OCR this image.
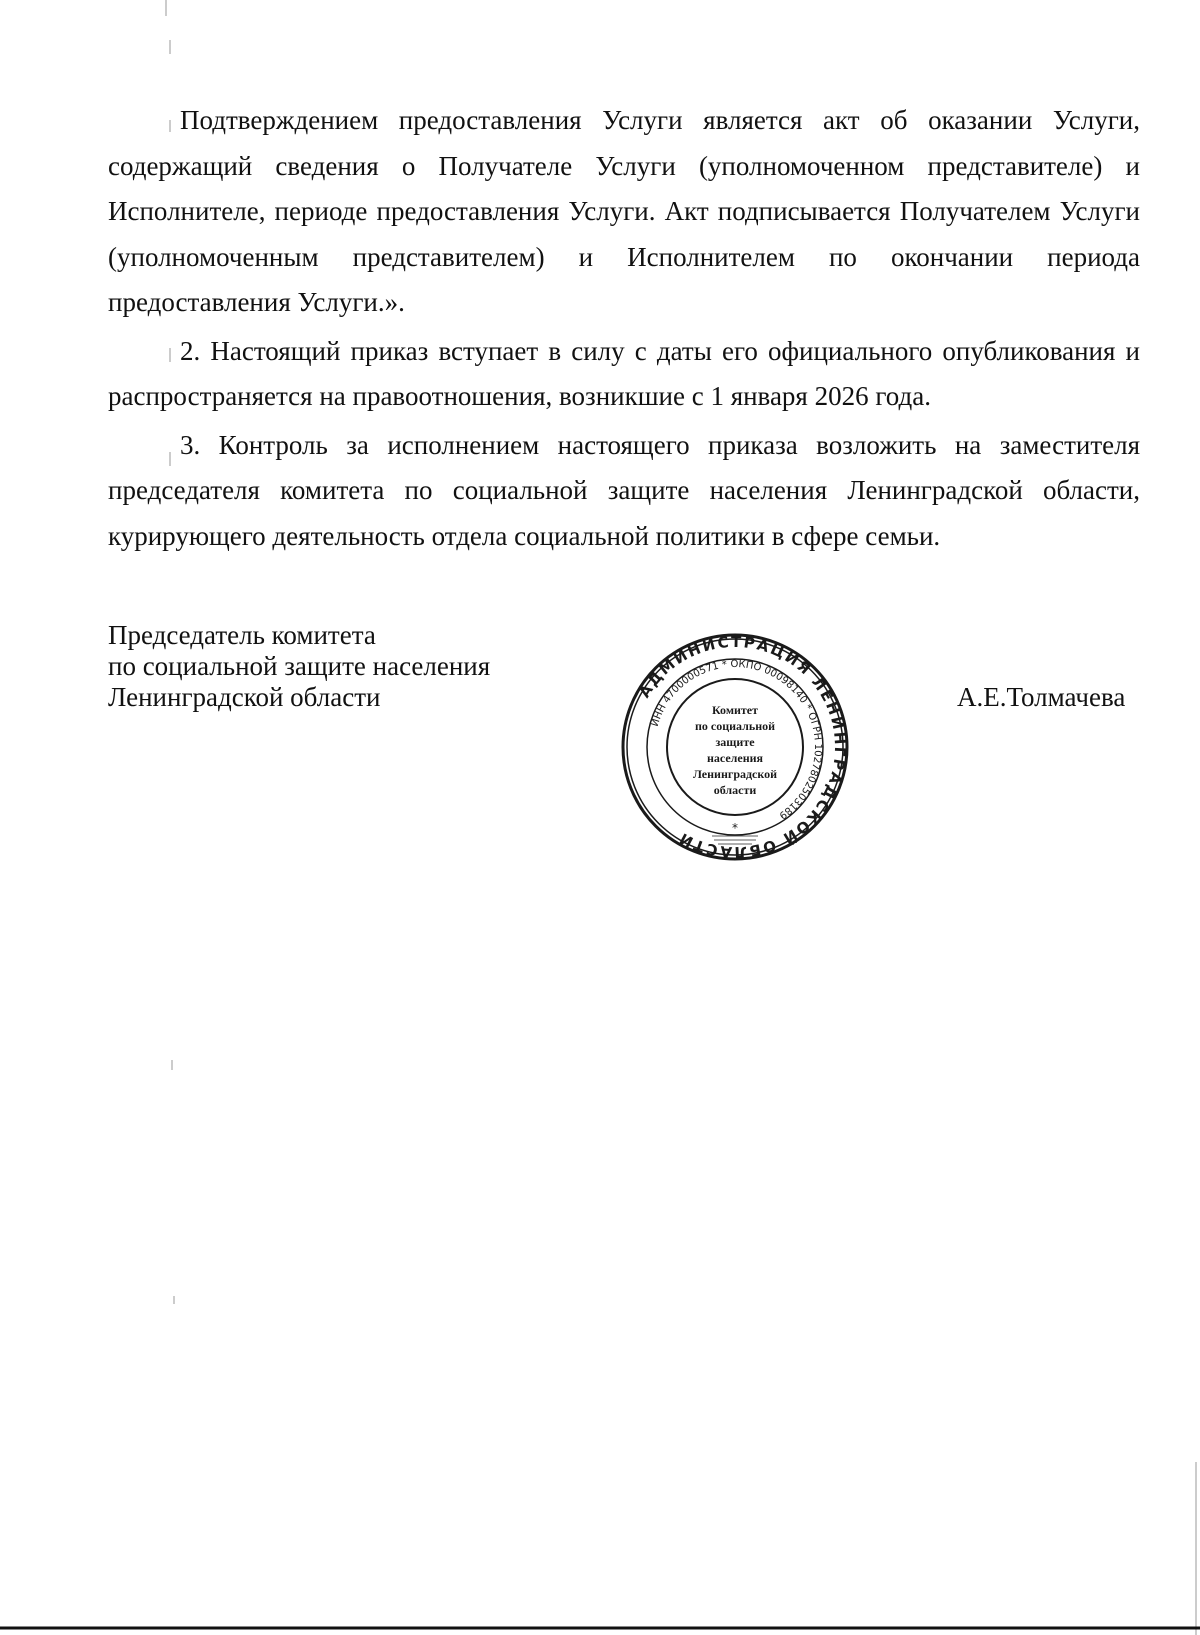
Подтверждением предоставления Услуги является акт об оказании Услуги, содержащий сведения о Получателе Услуги (уполномоченном представителе) и Исполнителе, периоде предоставления Услуги. Акт подписывается Получателем Услуги (уполномоченным представителем) и Исполнителем по окончании периода предоставления Услуги.».

2. Настоящий приказ вступает в силу с даты его официального опубликования и распространяется на правоотношения, возникшие с 1 января 2026 года.

3. Контроль за исполнением настоящего приказа возложить на заместителя председателя комитета по социальной защите населения Ленинградской области, курирующего деятельность отдела социальной политики в сфере семьи.

Председатель комитета
по социальной защите населения
Ленинградской области	А.Е.Толмачева
АДМИНИСТРАЦИЯ ЛЕНИНГРАДСКОЙ ОБЛАСТИ
ИНН 4700000571 * ОКПО 00098140 * ОГРН 1027802503189
Комитет
по социальной
защите
населения
Ленинградской
области
*
